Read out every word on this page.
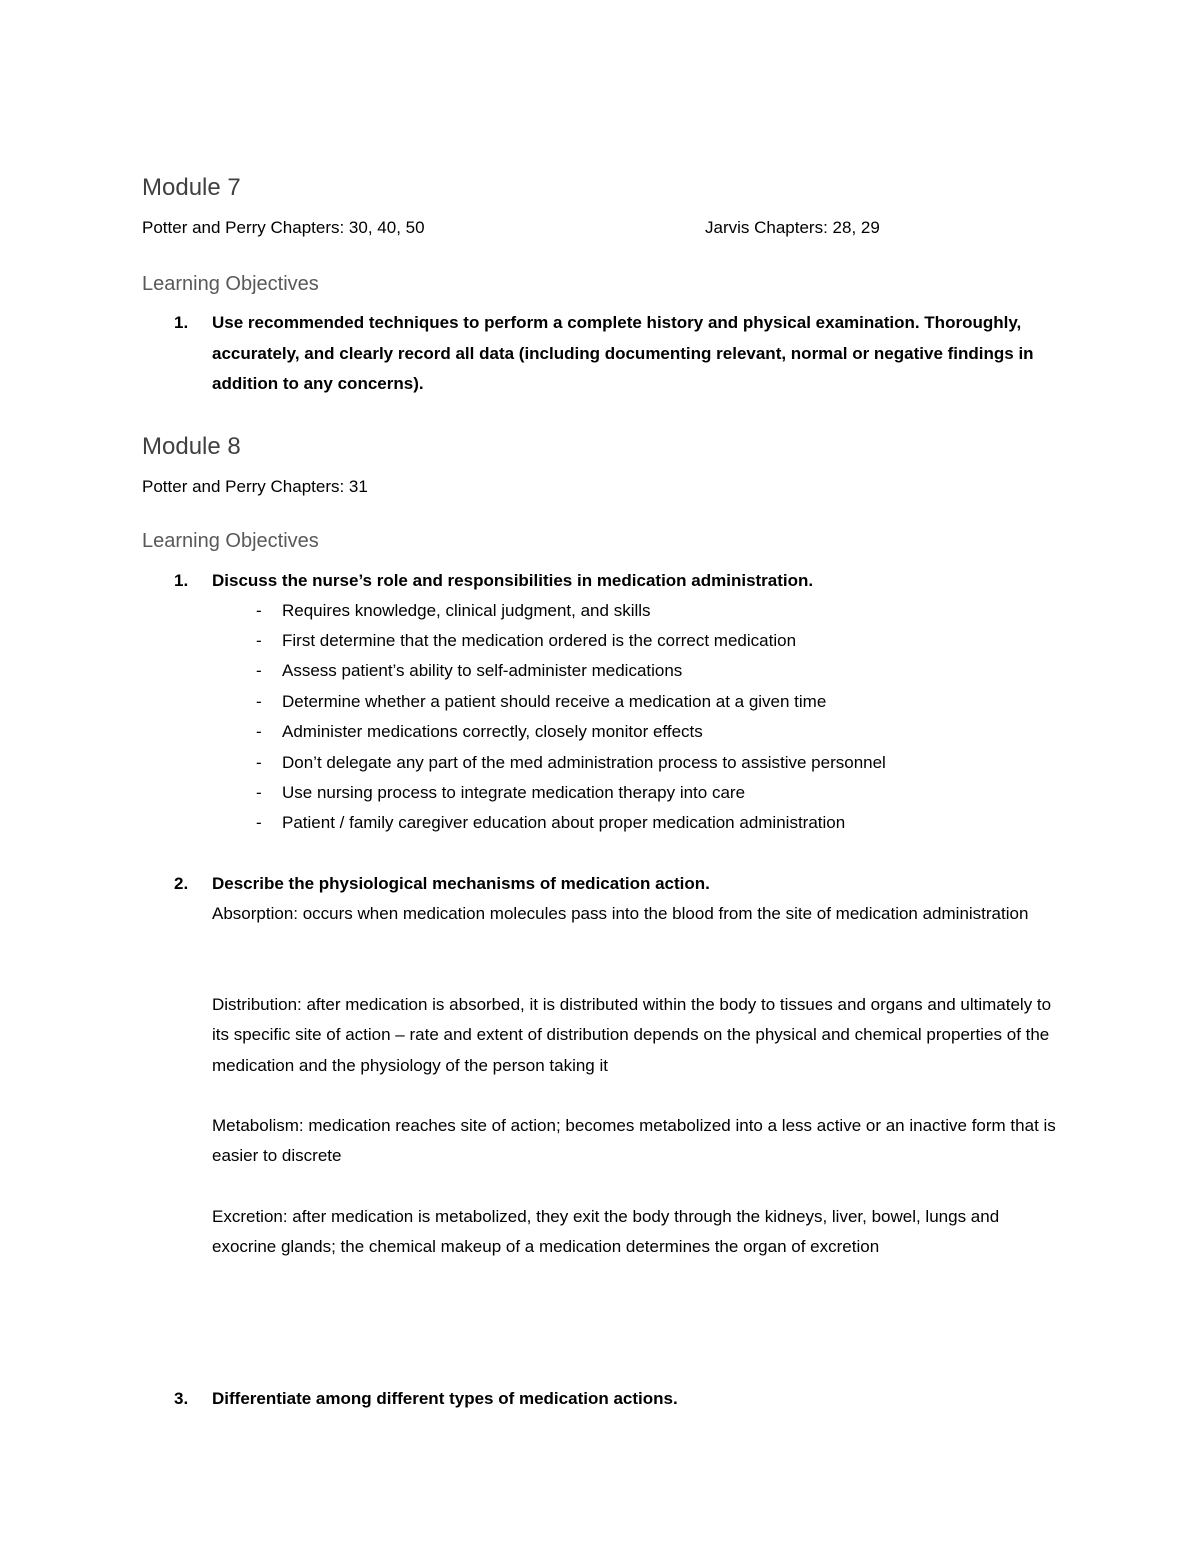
Module 7
Potter and Perry Chapters: 30, 40, 50	Jarvis Chapters: 28, 29
Learning Objectives
1. Use recommended techniques to perform a complete history and physical examination. Thoroughly, accurately, and clearly record all data (including documenting relevant, normal or negative findings in addition to any concerns).
Module 8
Potter and Perry Chapters: 31
Learning Objectives
1. Discuss the nurse’s role and responsibilities in medication administration.
- Requires knowledge, clinical judgment, and skills
- First determine that the medication ordered is the correct medication
- Assess patient’s ability to self-administer medications
- Determine whether a patient should receive a medication at a given time
- Administer medications correctly, closely monitor effects
- Don’t delegate any part of the med administration process to assistive personnel
- Use nursing process to integrate medication therapy into care
- Patient / family caregiver education about proper medication administration
2. Describe the physiological mechanisms of medication action.
Absorption: occurs when medication molecules pass into the blood from the site of medication administration
Distribution: after medication is absorbed, it is distributed within the body to tissues and organs and ultimately to its specific site of action – rate and extent of distribution depends on the physical and chemical properties of the medication and the physiology of the person taking it
Metabolism: medication reaches site of action; becomes metabolized into a less active or an inactive form that is easier to discrete
Excretion: after medication is metabolized, they exit the body through the kidneys, liver, bowel, lungs and exocrine glands; the chemical makeup of a medication determines the organ of excretion
3. Differentiate among different types of medication actions.
